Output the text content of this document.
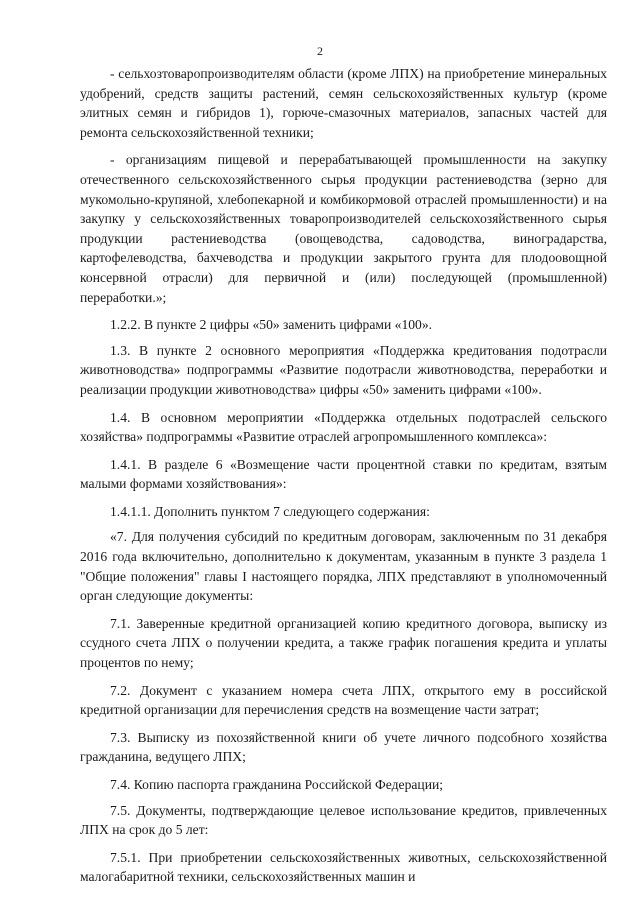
2

- сельхозтоваропроизводителям области (кроме ЛПХ) на приобретение минеральных удобрений, средств защиты растений, семян сельскохозяйственных культур (кроме элитных семян и гибридов 1), горюче-смазочных материалов, запасных частей для ремонта сельскохозяйственной техники;

- организациям пищевой и перерабатывающей промышленности на закупку отечественного сельскохозяйственного сырья продукции растениеводства (зерно для мукомольно-крупяной, хлебопекарной и комбикормовой отраслей промышленности) и на закупку у сельскохозяйственных товаропроизводителей сельскохозяйственного сырья продукции растениеводства (овощеводства, садоводства, виноградарства, картофелеводства, бахчеводства и продукции закрытого грунта для плодоовощной консервной отрасли) для первичной и (или) последующей (промышленной) переработки.»;

1.2.2. В пункте 2 цифры «50» заменить цифрами «100».

1.3. В пункте 2 основного мероприятия «Поддержка кредитования подотрасли животноводства» подпрограммы «Развитие подотрасли животноводства, переработки и реализации продукции животноводства» цифры «50» заменить цифрами «100».

1.4. В основном мероприятии «Поддержка отдельных подотраслей сельского хозяйства» подпрограммы «Развитие отраслей агропромышленного комплекса»:

1.4.1. В разделе 6 «Возмещение части процентной ставки по кредитам, взятым малыми формами хозяйствования»:

1.4.1.1. Дополнить пунктом 7 следующего содержания:

«7. Для получения субсидий по кредитным договорам, заключенным по 31 декабря 2016 года включительно, дополнительно к документам, указанным в пункте 3 раздела 1 "Общие положения" главы I настоящего порядка, ЛПХ представляют в уполномоченный орган следующие документы:

7.1. Заверенные кредитной организацией копию кредитного договора, выписку из ссудного счета ЛПХ о получении кредита, а также график погашения кредита и уплаты процентов по нему;

7.2. Документ с указанием номера счета ЛПХ, открытого ему в российской кредитной организации для перечисления средств на возмещение части затрат;

7.3. Выписку из похозяйственной книги об учете личного подсобного хозяйства гражданина, ведущего ЛПХ;

7.4. Копию паспорта гражданина Российской Федерации;

7.5. Документы, подтверждающие целевое использование кредитов, привлеченных ЛПХ на срок до 5 лет:

7.5.1. При приобретении сельскохозяйственных животных, сельскохозяйственной малогабаритной техники, сельскохозяйственных машин и
